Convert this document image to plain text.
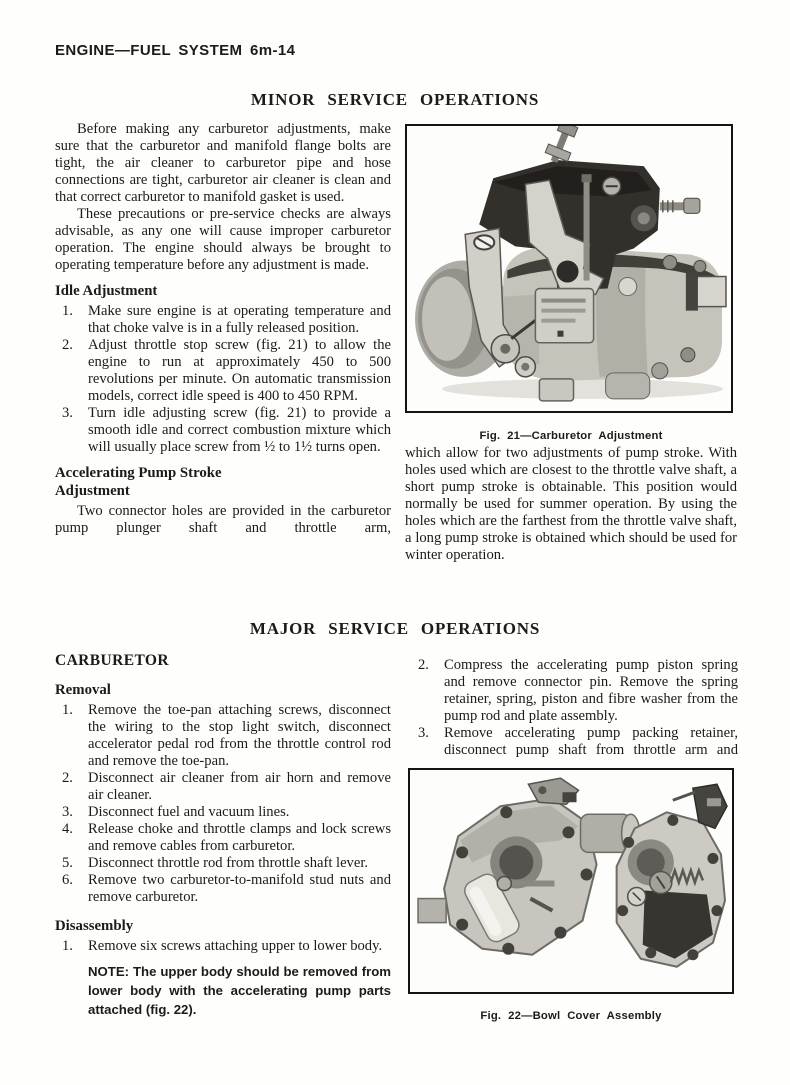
ENGINE—FUEL SYSTEM 6m-14
MINOR SERVICE OPERATIONS

Before making any carburetor adjustments, make sure that the carburetor and manifold flange bolts are tight, the air cleaner to carburetor pipe and hose connections are tight, carburetor air cleaner is clean and that correct carburetor to manifold gasket is used.

These precautions or pre-service checks are always advisable, as any one will cause improper carburetor operation. The engine should always be brought to operating temperature before any adjustment is made.

Idle Adjustment
1.	Make sure engine is at operating temperature and that choke valve is in a fully released position.
2.	Adjust throttle stop screw (fig. 21) to allow the engine to run at approximately 450 to 500 revolutions per minute. On automatic transmission models, correct idle speed is 400 to 450 RPM.
3.	Turn idle adjusting screw (fig. 21) to provide a smooth idle and correct combustion mixture which will usually place screw from ½ to 1½ turns open.
Accelerating Pump Stroke Adjustment

Two connector holes are provided in the carburetor pump plunger shaft and throttle arm,

Fig. 21—Carburetor Adjustment

which allow for two adjustments of pump stroke. With holes used which are closest to the throttle valve shaft, a short pump stroke is obtainable. This position would normally be used for summer operation. By using the holes which are the farthest from the throttle valve shaft, a long pump stroke is obtained which should be used for winter operation.

MAJOR SERVICE OPERATIONS
CARBURETOR
Removal
1.	Remove the toe-pan attaching screws, disconnect the wiring to the stop light switch, disconnect accelerator pedal rod from the throttle control rod and remove the toe-pan.
2.	Disconnect air cleaner from air horn and remove air cleaner.
3.	Disconnect fuel and vacuum lines.
4.	Release choke and throttle clamps and lock screws and remove cables from carburetor.
5.	Disconnect throttle rod from throttle shaft lever.
6.	Remove two carburetor-to-manifold stud nuts and remove carburetor.
Disassembly
1.	Remove six screws attaching upper to lower body.
NOTE: The upper body should be removed from lower body with the accelerating pump parts attached (fig. 22).
2.	Compress the accelerating pump piston spring and remove connector pin. Remove the spring retainer, spring, piston and fibre washer from the pump rod and plate assembly.
3.	Remove accelerating pump packing retainer, disconnect pump shaft from throttle arm and
Fig. 22—Bowl Cover Assembly
